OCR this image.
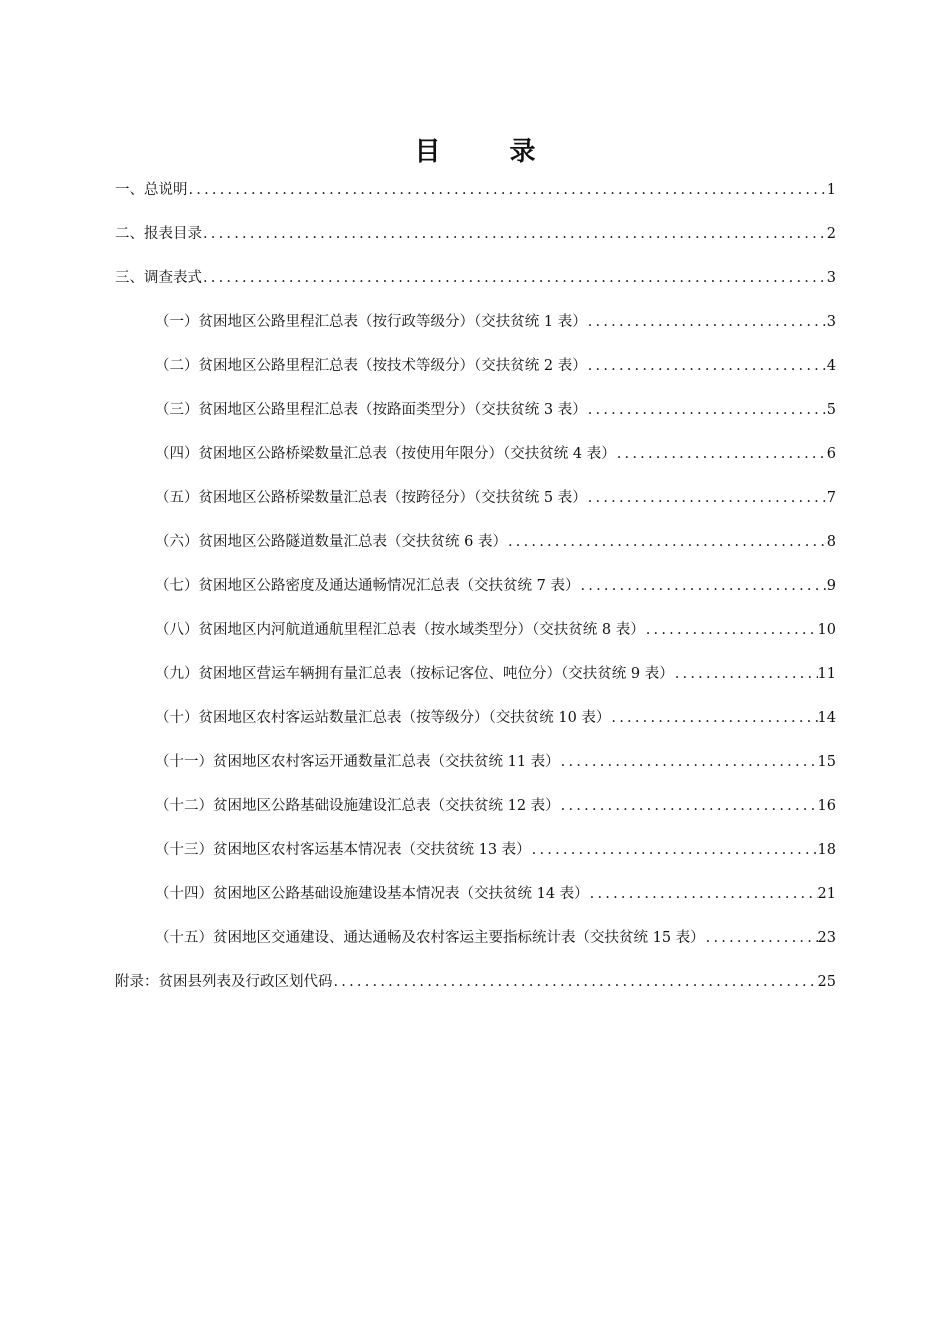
目 录
一、总说明 .....	1
二、报表目录 .....	2
三、调查表式 .....	3
（一）贫困地区公路里程汇总表（按行政等级分）（交扶贫统 1 表） .....	3
（二）贫困地区公路里程汇总表（按技术等级分）（交扶贫统 2 表） .....	4
（三）贫困地区公路里程汇总表（按路面类型分）（交扶贫统 3 表） .....	5
（四）贫困地区公路桥梁数量汇总表（按使用年限分）（交扶贫统 4 表） .....	6
（五）贫困地区公路桥梁数量汇总表（按跨径分）（交扶贫统 5 表） .....	7
（六）贫困地区公路隧道数量汇总表（交扶贫统 6 表） .....	8
（七）贫困地区公路密度及通达通畅情况汇总表（交扶贫统 7 表） .....	9
（八）贫困地区内河航道通航里程汇总表（按水域类型分）（交扶贫统 8 表） .....	10
（九）贫困地区营运车辆拥有量汇总表（按标记客位、吨位分）（交扶贫统 9 表） .....	11
（十）贫困地区农村客运站数量汇总表（按等级分）（交扶贫统 10 表） .....	14
（十一）贫困地区农村客运开通数量汇总表（交扶贫统 11 表） .....	15
（十二）贫困地区公路基础设施建设汇总表（交扶贫统 12 表） .....	16
（十三）贫困地区农村客运基本情况表（交扶贫统 13 表） .....	18
（十四）贫困地区公路基础设施建设基本情况表（交扶贫统 14 表） .....	21
（十五）贫困地区交通建设、通达通畅及农村客运主要指标统计表（交扶贫统 15 表） .....	23
附录：贫困县列表及行政区划代码 .....	25
